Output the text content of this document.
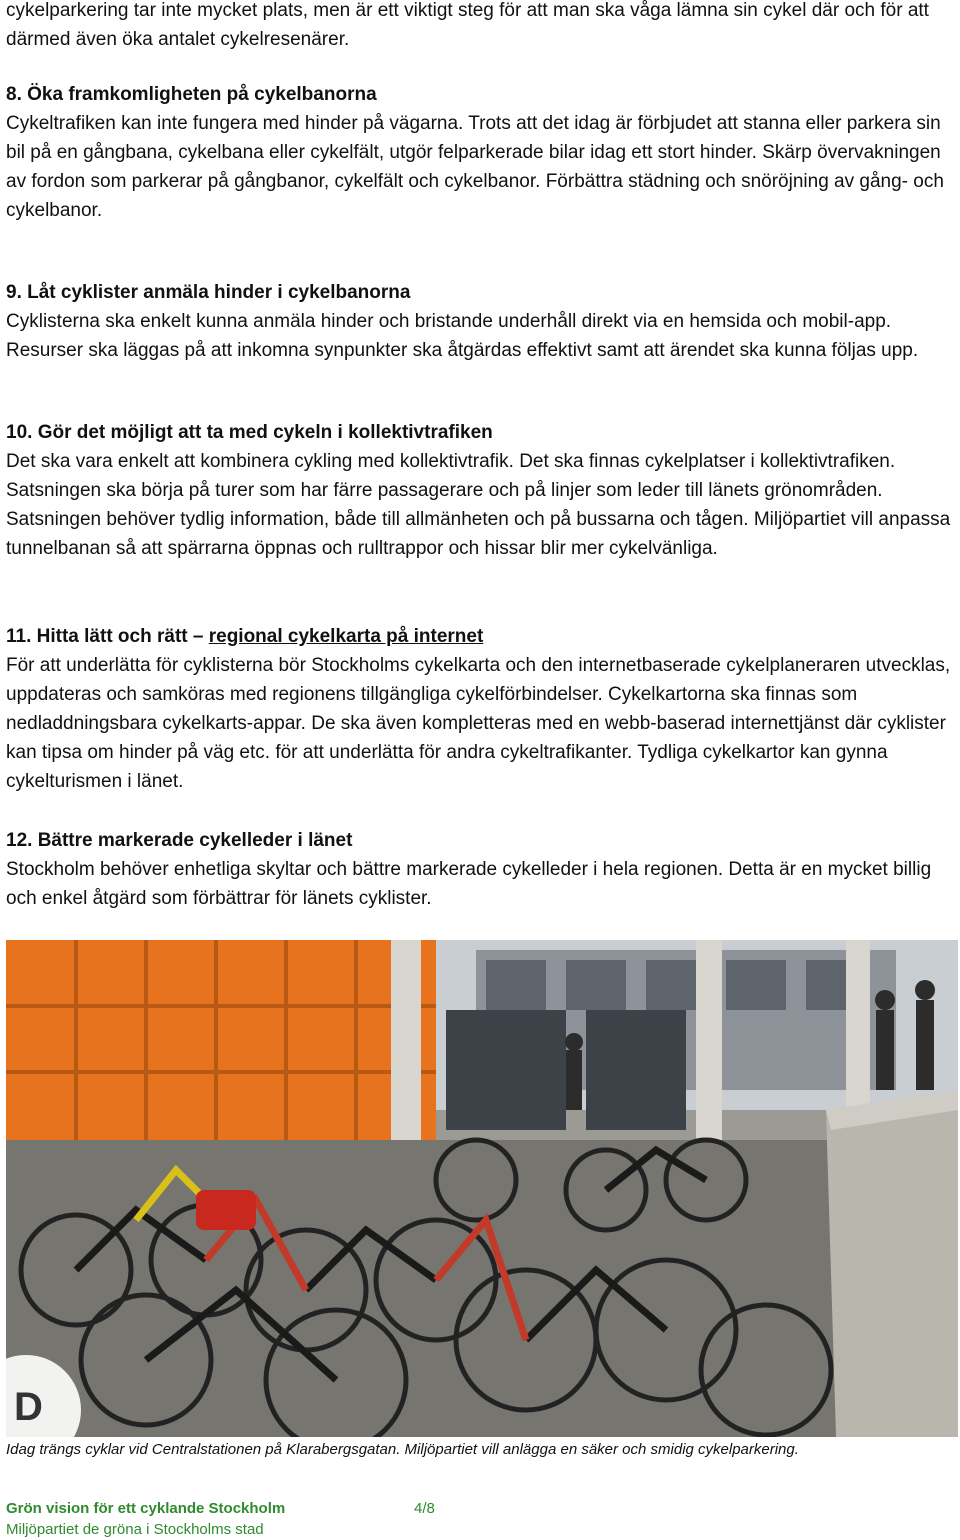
cykelparkering tar inte mycket plats, men är ett viktigt steg för att man ska våga lämna sin cykel där och för att därmed även öka antalet cykelresenärer.

8. Öka framkomligheten på cykelbanorna
Cykeltrafiken kan inte fungera med hinder på vägarna. Trots att det idag är förbjudet att stanna eller parkera sin bil på en gångbana, cykelbana eller cykelfält, utgör felparkerade bilar idag ett stort hinder. Skärp övervakningen av fordon som parkerar på gångbanor, cykelfält och cykelbanor. Förbättra städning och snöröjning av gång- och cykelbanor.
9. Låt cyklister anmäla hinder i cykelbanorna
Cyklisterna ska enkelt kunna anmäla hinder och bristande underhåll direkt via en hemsida och mobil-app. Resurser ska läggas på att inkomna synpunkter ska åtgärdas effektivt samt att ärendet ska kunna följas upp.
10. Gör det möjligt att ta med cykeln i kollektivtrafiken
Det ska vara enkelt att kombinera cykling med kollektivtrafik. Det ska finnas cykelplatser i kollektivtrafiken. Satsningen ska börja på turer som har färre passagerare och på linjer som leder till länets grönområden. Satsningen behöver tydlig information, både till allmänheten och på bussarna och tågen. Miljöpartiet vill anpassa tunnelbanan så att spärrarna öppnas och rulltrappor och hissar blir mer cykelvänliga.
11. Hitta lätt och rätt – regional cykelkarta på internet
För att underlätta för cyklisterna bör Stockholms cykelkarta och den internetbaserade cykelplaneraren utvecklas, uppdateras och samköras med regionens tillgängliga cykelförbindelser. Cykelkartorna ska finnas som nedladdningsbara cykelkarts-appar. De ska även kompletteras med en webb-baserad internettjänst där cyklister kan tipsa om hinder på väg etc. för att underlätta för andra cykeltrafikanter. Tydliga cykelkartor kan gynna cykelturismen i länet.
12. Bättre markerade cykelleder i länet
Stockholm behöver enhetliga skyltar och bättre markerade cykelleder i hela regionen. Detta är en mycket billig och enkel åtgärd som förbättrar för länets cyklister.
D

Idag trängs cyklar vid Centralstationen på Klarabergsgatan. Miljöpartiet vill anlägga en säker och smidig cykelparkering.

Grön vision för ett cyklande Stockholm
Miljöpartiet de gröna i Stockholms stad
4/8
